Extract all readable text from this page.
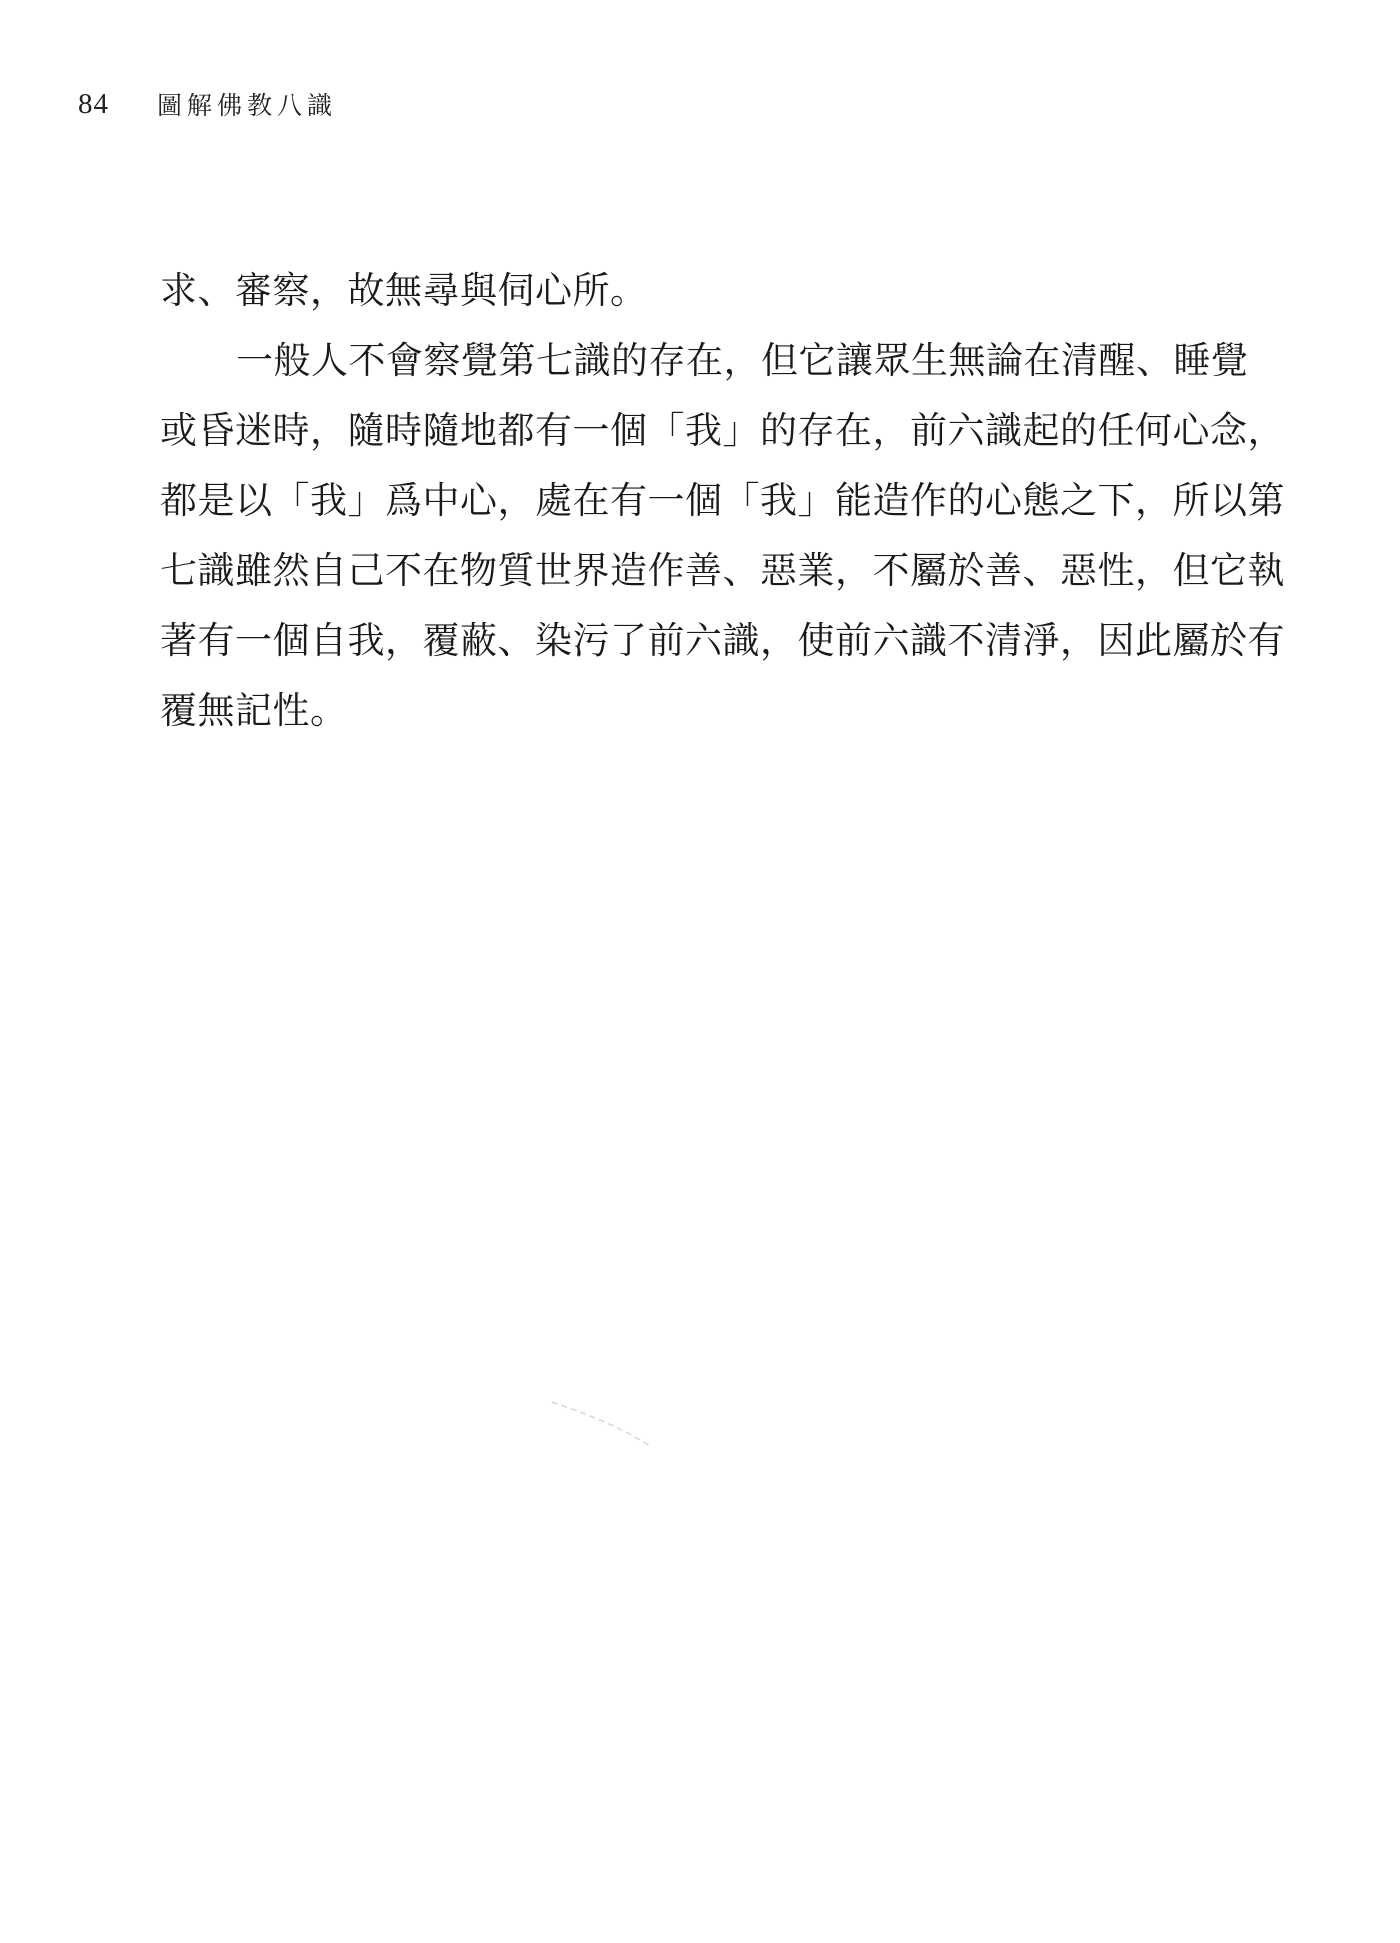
84 圖解佛教八識
求、審察，故無尋與伺心所。
一般人不會察覺第七識的存在，但它讓眾生無論在清醒、睡覺
或昏迷時，隨時隨地都有一個「我」的存在，前六識起的任何心念，
都是以「我」爲中心，處在有一個「我」能造作的心態之下，所以第
七識雖然自己不在物質世界造作善、惡業，不屬於善、惡性，但它執
著有一個自我，覆蔽、染污了前六識，使前六識不清淨，因此屬於有
覆無記性。
